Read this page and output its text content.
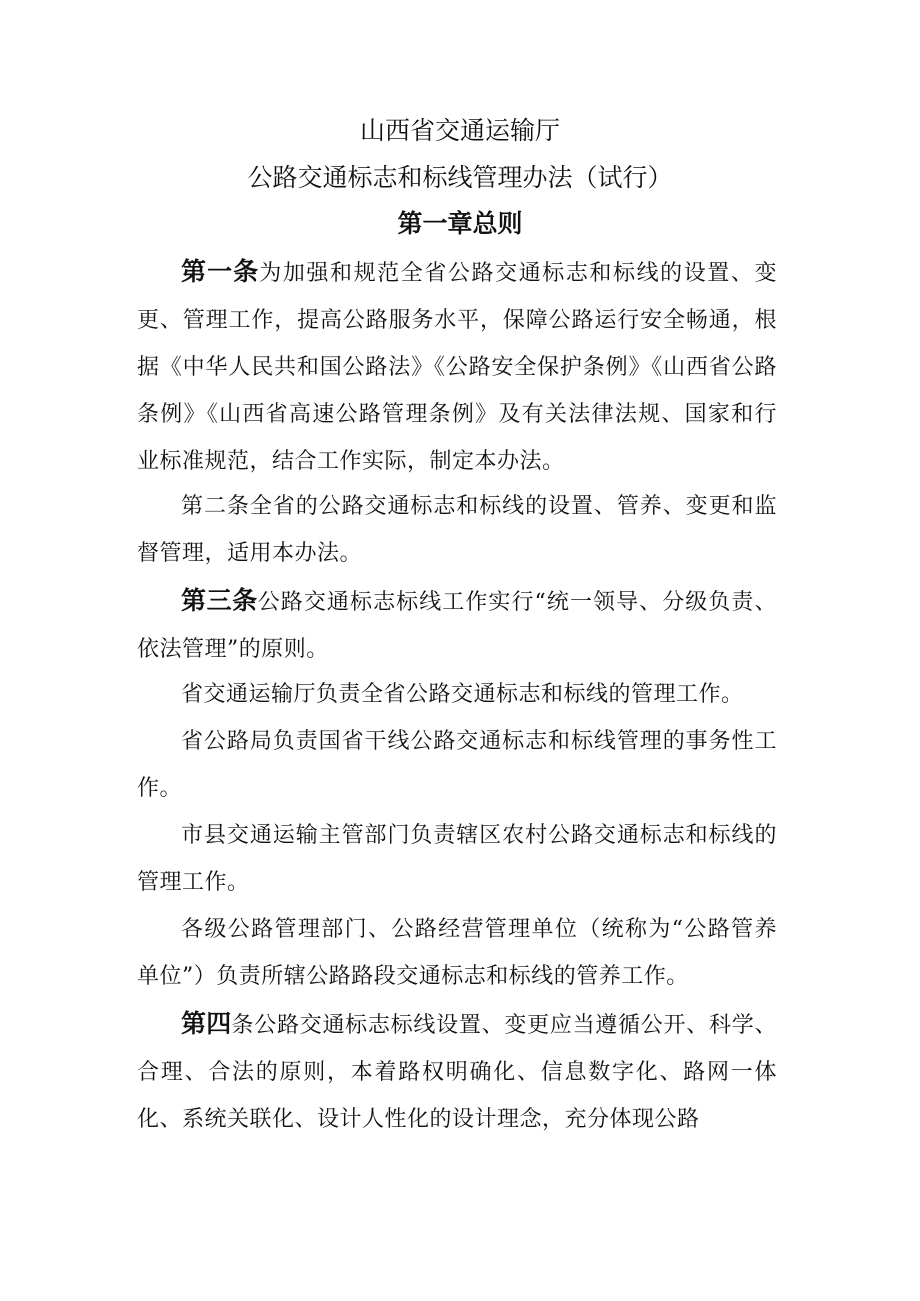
山西省交通运输厅
公路交通标志和标线管理办法（试行）
第一章总则

第一条为加强和规范全省公路交通标志和标线的设置、变更、管理工作，提高公路服务水平，保障公路运行安全畅通，根据《中华人民共和国公路法》《公路安全保护条例》《山西省公路条例》《山西省高速公路管理条例》及有关法律法规、国家和行业标准规范，结合工作实际，制定本办法。

第二条全省的公路交通标志和标线的设置、管养、变更和监督管理，适用本办法。

第三条公路交通标志标线工作实行“统一领导、分级负责、依法管理”的原则。

省交通运输厅负责全省公路交通标志和标线的管理工作。

省公路局负责国省干线公路交通标志和标线管理的事务性工作。

市县交通运输主管部门负责辖区农村公路交通标志和标线的管理工作。

各级公路管理部门、公路经营管理单位（统称为“公路管养单位”）负责所辖公路路段交通标志和标线的管养工作。

第四条公路交通标志标线设置、变更应当遵循公开、科学、合理、合法的原则，本着路权明确化、信息数字化、路网一体化、系统关联化、设计人性化的设计理念，充分体现公路
